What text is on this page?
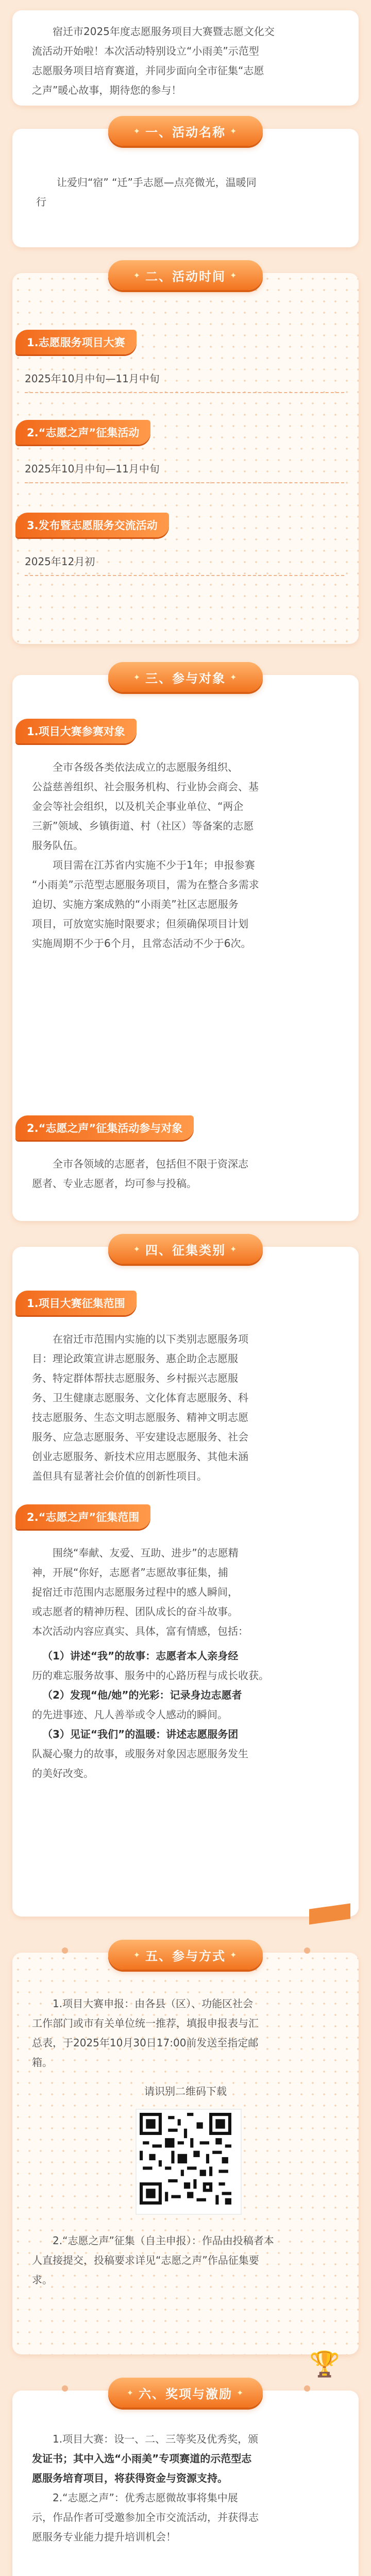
宿迁市2025年度志愿服务项目大赛暨志愿文化交
流活动开始啦！本次活动特别设立“小雨美”示范型
志愿服务项目培育赛道，并同步面向全市征集“志愿
之声”暖心故事，期待您的参与！
✦ 一、活动名称 ✦
让爱归“宿” “迁”手志愿—点亮微光，温暖同
行
✦ 二、活动时间 ✦
1.志愿服务项目大赛
2025年10月中旬—11月中旬
2.“志愿之声”征集活动
2025年10月中旬—11月中旬
3.发布暨志愿服务交流活动
2025年12月初
✦ 三、参与对象 ✦
1.项目大赛参赛对象
全市各级各类依法成立的志愿服务组织、
公益慈善组织、社会服务机构、行业协会商会、基
金会等社会组织，以及机关企事业单位、“两企
三新”领域、乡镇街道、村（社区）等备案的志愿
服务队伍。
项目需在江苏省内实施不少于1年；申报参赛
“小雨美”示范型志愿服务项目，需为在整合多需求
迫切、实施方案成熟的“小雨美”社区志愿服务
项目，可放宽实施时限要求；但须确保项目计划
实施周期不少于6个月，且常态活动不少于6次。
2.“志愿之声”征集活动参与对象
全市各领域的志愿者，包括但不限于资深志
愿者、专业志愿者，均可参与投稿。
✦ 四、征集类别 ✦
1.项目大赛征集范围
在宿迁市范围内实施的以下类别志愿服务项
目：理论政策宣讲志愿服务、惠企助企志愿服
务、特定群体帮扶志愿服务、乡村振兴志愿服
务、卫生健康志愿服务、文化体育志愿服务、科
技志愿服务、生态文明志愿服务、精神文明志愿
服务、应急志愿服务、平安建设志愿服务、社会
创业志愿服务、新技术应用志愿服务、其他未涵
盖但具有显著社会价值的创新性项目。
2.“志愿之声”征集范围
围绕“奉献、友爱、互助、进步”的志愿精
神，开展“你好，志愿者”志愿故事征集，捕
捉宿迁市范围内志愿服务过程中的感人瞬间，
或志愿者的精神历程、团队成长的奋斗故事。
本次活动内容应真实、具体，富有情感，包括：
（1）讲述“我”的故事：志愿者本人亲身经
历的难忘服务故事、服务中的心路历程与成长收获。
（2）发现“他/她”的光彩：记录身边志愿者
的先进事迹、凡人善举或令人感动的瞬间。
（3）见证“我们”的温暖：讲述志愿服务团
队凝心聚力的故事，或服务对象因志愿服务发生
的美好改变。
✦ 五、参与方式 ✦
1.项目大赛申报：由各县（区）、功能区社会
工作部门或市有关单位统一推荐，填报申报表与汇
总表，于2025年10月30日17:00前发送至指定邮
箱。
请识别二维码下载
2.“志愿之声”征集（自主申报）：作品由投稿者本
人直接提交，投稿要求详见“志愿之声”作品征集要
求。
✦ 六、奖项与激励 ✦
🏆
1.项目大赛：设一、二、三等奖及优秀奖，颁
发证书；其中入选“小雨美”专项赛道的示范型志
愿服务培育项目，将获得资金与资源支持。
2.“志愿之声”：优秀志愿微故事将集中展
示，作品作者可受邀参加全市交流活动，并获得志
愿服务专业能力提升培训机会！
